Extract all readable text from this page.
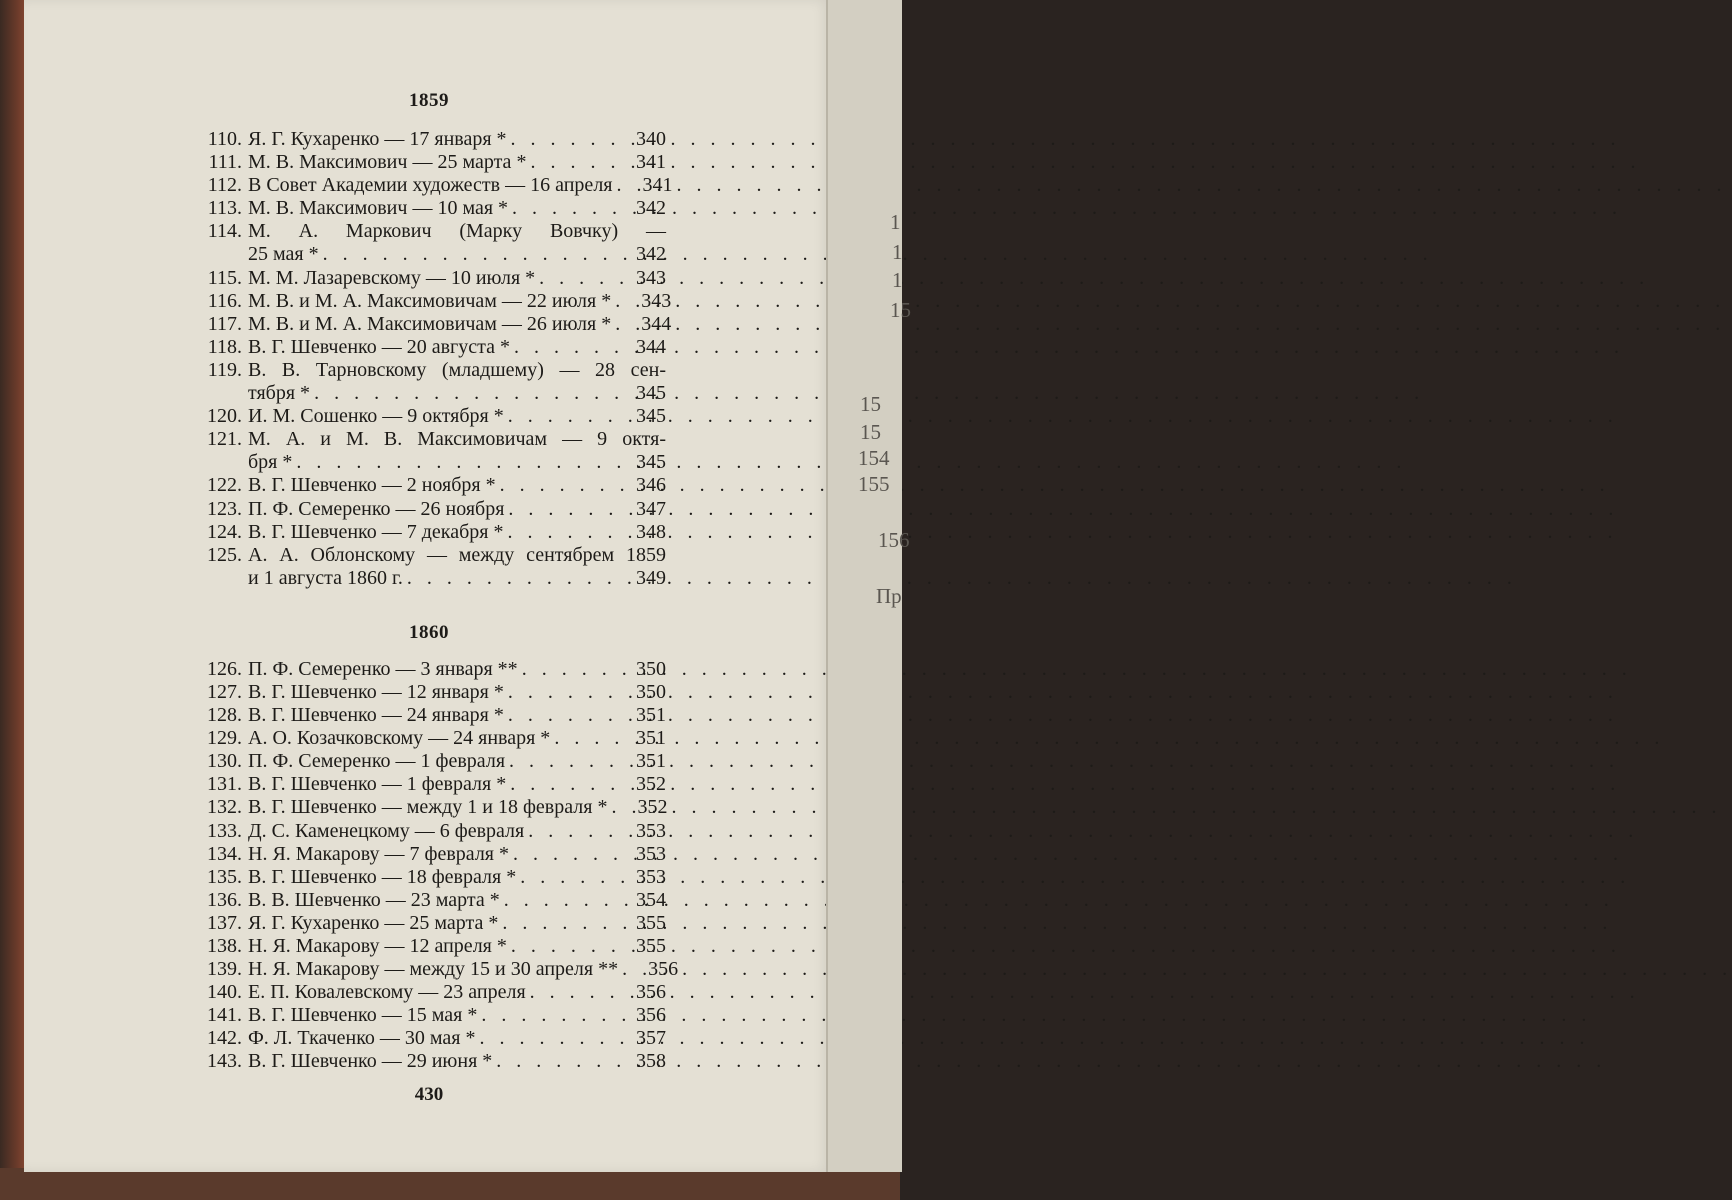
1859
110. Я. Г. Кухаренко — 17 января * . . .	340
111. М. В. Максимович — 25 марта * . . .	341
112. В Совет Академии художеств — 16 апреля . . .	341
113. М. В. Максимович — 10 мая * . . .	342
114. М. А. Маркович (Марку Вовчку) —
25 мая * . . .	342
115. М. М. Лазаревскому — 10 июля * . . .	343
116. М. В. и М. А. Максимовичам — 22 июля * . . .	343
117. М. В. и М. А. Максимовичам — 26 июля * . . .	344
118. В. Г. Шевченко — 20 августа * . . .	344
119. В. В. Тарновскому (младшему) — 28 сен-
тября * . . .	345
120. И. М. Сошенко — 9 октября * . . .	345
121. М. А. и М. В. Максимовичам — 9 октя-
бря * . . .	345
122. В. Г. Шевченко — 2 ноября * . . .	346
123. П. Ф. Семеренко — 26 ноября . . .	347
124. В. Г. Шевченко — 7 декабря * . . .	348
125. А. А. Облонскому — между сентябрем 1859
и 1 августа 1860 г. . . .	349
1860
126. П. Ф. Семеренко — 3 января ** . . .	350
127. В. Г. Шевченко — 12 января * . . .	350
128. В. Г. Шевченко — 24 января * . . .	351
129. А. О. Козачковскому — 24 января * . . .	351
130. П. Ф. Семеренко — 1 февраля . . .	351
131. В. Г. Шевченко — 1 февраля * . . .	352
132. В. Г. Шевченко — между 1 и 18 февраля * . . .	352
133. Д. С. Каменецкому — 6 февраля . . .	353
134. Н. Я. Макарову — 7 февраля * . . .	353
135. В. Г. Шевченко — 18 февраля * . . .	353
136. В. В. Шевченко — 23 марта * . . .	354
137. Я. Г. Кухаренко — 25 марта * . . .	355
138. Н. Я. Макарову — 12 апреля * . . .	355
139. Н. Я. Макарову — между 15 и 30 апреля ** . . .	356
140. Е. П. Ковалевскому — 23 апреля . . .	356
141. В. Г. Шевченко — 15 мая * . . .	356
142. Ф. Л. Ткаченко — 30 мая * . . .	357
143. В. Г. Шевченко — 29 июня * . . .	358
430
1
1
1
15
15
15
154
155
156
Пр
